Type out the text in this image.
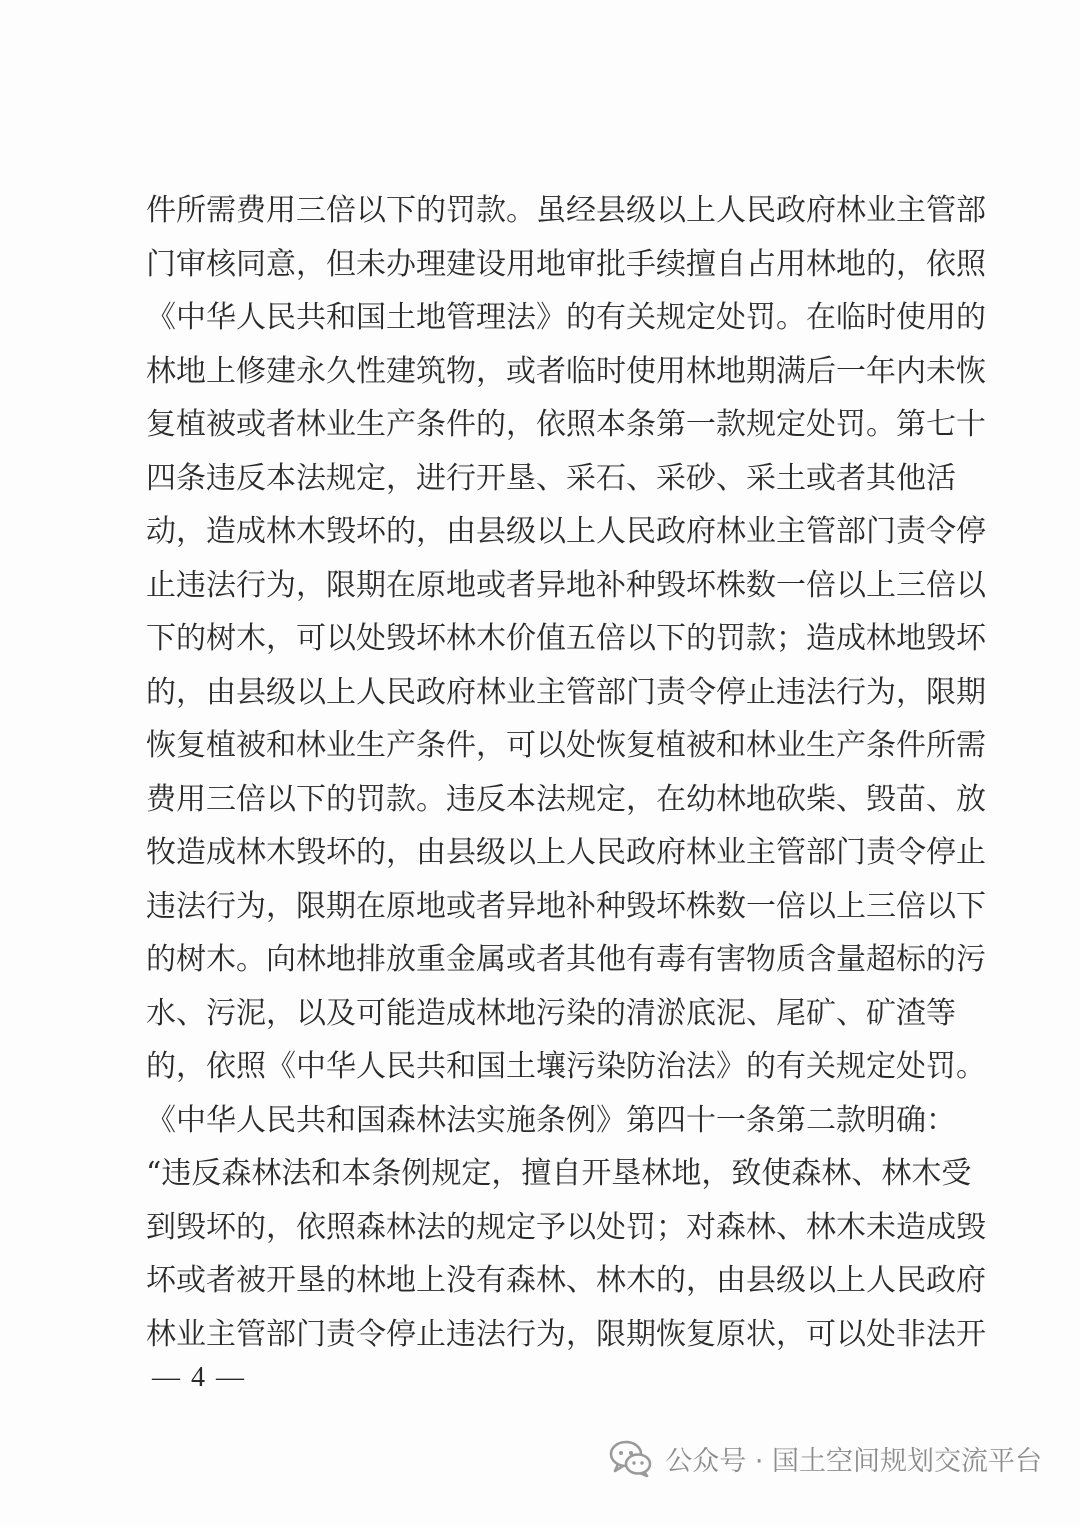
件所需费用三倍以下的罚款。虽经县级以上人民政府林业主管部
门审核同意，但未办理建设用地审批手续擅自占用林地的，依照
《中华人民共和国土地管理法》的有关规定处罚。在临时使用的
林地上修建永久性建筑物，或者临时使用林地期满后一年内未恢
复植被或者林业生产条件的，依照本条第一款规定处罚。第七十
四条违反本法规定，进行开垦、采石、采砂、采土或者其他活
动，造成林木毁坏的，由县级以上人民政府林业主管部门责令停
止违法行为，限期在原地或者异地补种毁坏株数一倍以上三倍以
下的树木，可以处毁坏林木价值五倍以下的罚款；造成林地毁坏
的，由县级以上人民政府林业主管部门责令停止违法行为，限期
恢复植被和林业生产条件，可以处恢复植被和林业生产条件所需
费用三倍以下的罚款。违反本法规定，在幼林地砍柴、毁苗、放
牧造成林木毁坏的，由县级以上人民政府林业主管部门责令停止
违法行为，限期在原地或者异地补种毁坏株数一倍以上三倍以下
的树木。向林地排放重金属或者其他有毒有害物质含量超标的污
水、污泥，以及可能造成林地污染的清淤底泥、尾矿、矿渣等
的，依照《中华人民共和国土壤污染防治法》的有关规定处罚。
《中华人民共和国森林法实施条例》第四十一条第二款明确：
“违反森林法和本条例规定，擅自开垦林地，致使森林、林木受
到毁坏的，依照森林法的规定予以处罚；对森林、林木未造成毁
坏或者被开垦的林地上没有森林、林木的，由县级以上人民政府
林业主管部门责令停止违法行为，限期恢复原状，可以处非法开
— 4 —
公众号 · 国土空间规划交流平台
